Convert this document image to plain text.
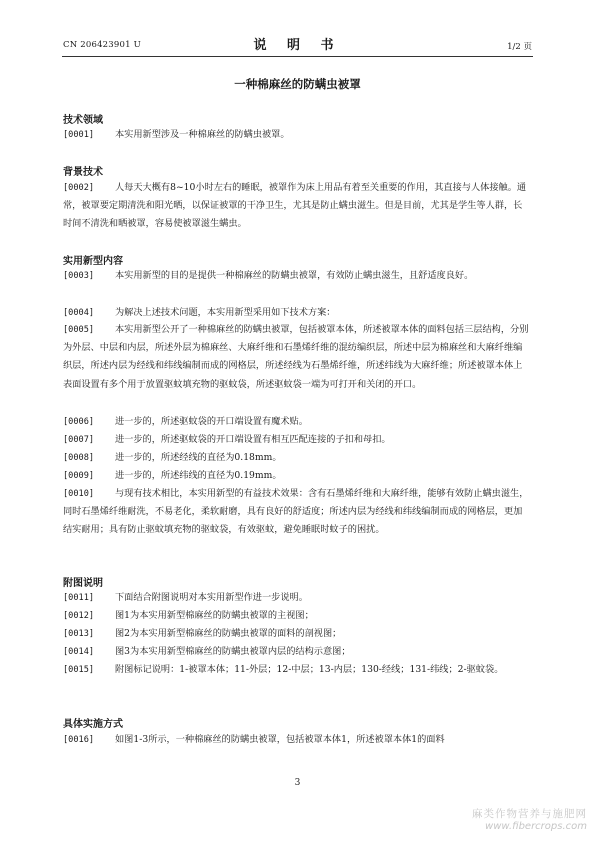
CN 206423901 U	说 明 书	1/2 页
一种棉麻丝的防螨虫被罩
技术领域
[0001] 本实用新型涉及一种棉麻丝的防螨虫被罩。
背景技术
[0002] 人每天大概有8~10小时左右的睡眠，被罩作为床上用品有着至关重要的作用，其直接与人体接触。通常，被罩要定期清洗和阳光晒，以保证被罩的干净卫生，尤其是防止螨虫滋生。但是目前，尤其是学生等人群，长时间不清洗和晒被罩，容易使被罩滋生螨虫。
实用新型内容
[0003] 本实用新型的目的是提供一种棉麻丝的防螨虫被罩，有效防止螨虫滋生，且舒适度良好。
[0004] 为解决上述技术问题，本实用新型采用如下技术方案：
[0005] 本实用新型公开了一种棉麻丝的防螨虫被罩，包括被罩本体，所述被罩本体的面料包括三层结构，分别为外层、中层和内层，所述外层为棉麻丝、大麻纤维和石墨烯纤维的混纺编织层，所述中层为棉麻丝和大麻纤维编织层，所述内层为经线和纬线编制而成的网格层，所述经线为石墨烯纤维，所述纬线为大麻纤维；所述被罩本体上表面设置有多个用于放置驱蚊填充物的驱蚊袋，所述驱蚊袋一端为可打开和关闭的开口。
[0006] 进一步的，所述驱蚊袋的开口端设置有魔术贴。
[0007] 进一步的，所述驱蚊袋的开口端设置有相互匹配连接的子扣和母扣。
[0008] 进一步的，所述经线的直径为0.18mm。
[0009] 进一步的，所述纬线的直径为0.19mm。
[0010] 与现有技术相比，本实用新型的有益技术效果：含有石墨烯纤维和大麻纤维，能够有效防止螨虫滋生，同时石墨烯纤维耐洗，不易老化，柔软耐磨，具有良好的舒适度；所述内层为经线和纬线编制而成的网格层，更加结实耐用；具有防止驱蚊填充物的驱蚊袋，有效驱蚊，避免睡眠时蚊子的困扰。
附图说明
[0011] 下面结合附图说明对本实用新型作进一步说明。
[0012] 图1为本实用新型棉麻丝的防螨虫被罩的主视图；
[0013] 图2为本实用新型棉麻丝的防螨虫被罩的面料的剖视图；
[0014] 图3为本实用新型棉麻丝的防螨虫被罩内层的结构示意图；
[0015] 附图标记说明：1-被罩本体；11-外层；12-中层；13-内层；130-经线；131-纬线；2-驱蚊袋。
具体实施方式
[0016] 如图1-3所示，一种棉麻丝的防螨虫被罩，包括被罩本体1，所述被罩本体1的面料
3
麻类作物营养与施肥网
www.fibercrops.com
